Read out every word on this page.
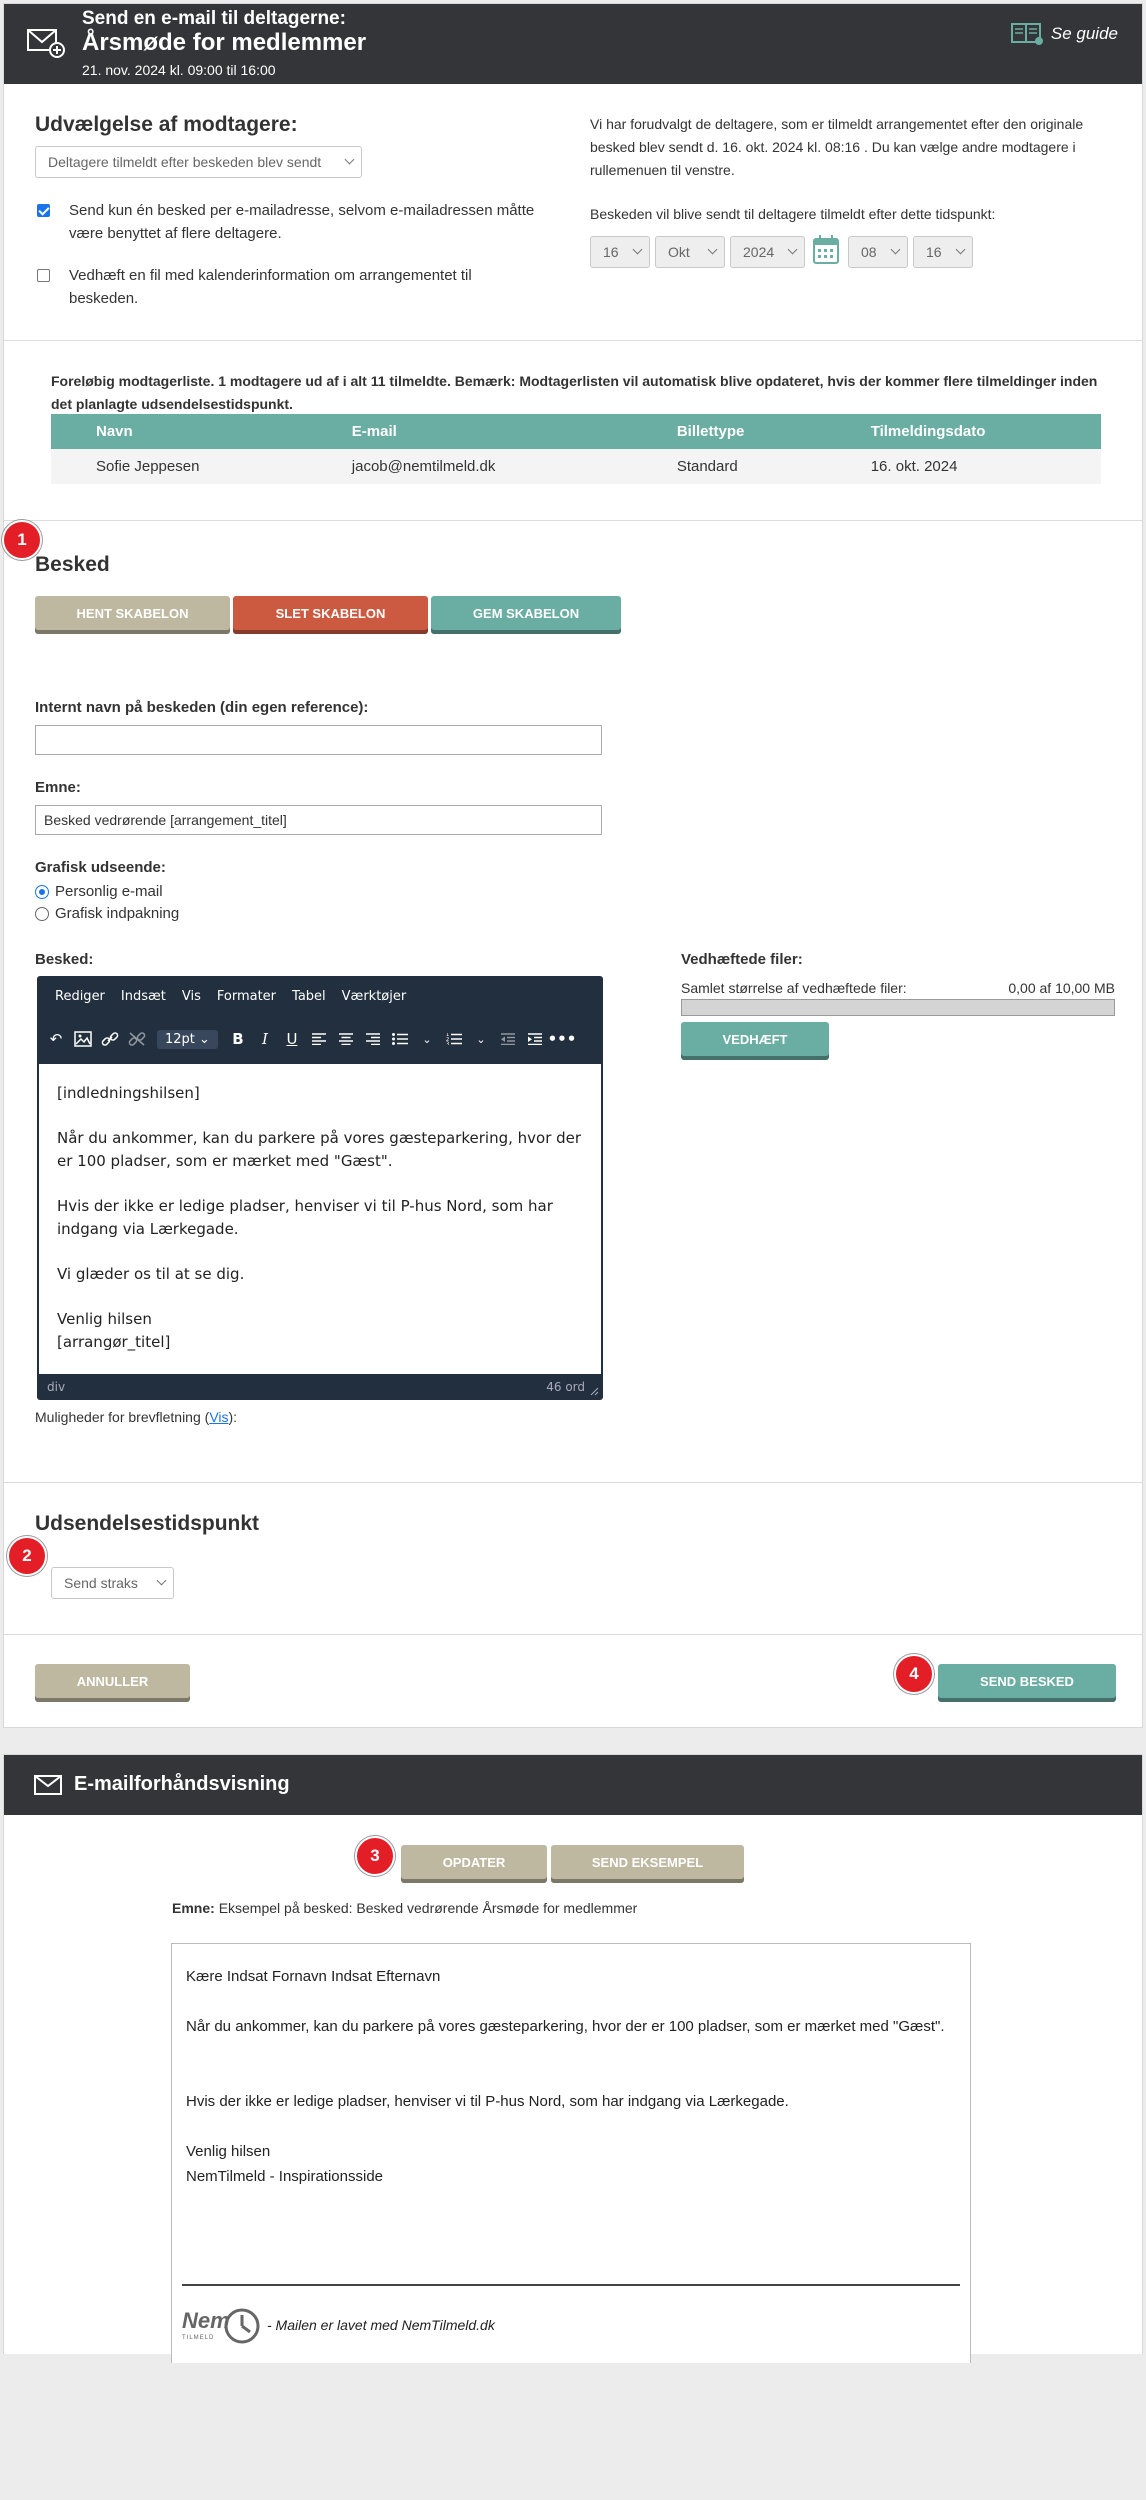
Send en e-mail til deltagerne:
Årsmøde for medlemmer
21. nov. 2024 kl. 09:00 til 16:00
Se guide
Udvælgelse af modtagere:
Deltagere tilmeldt efter beskeden blev sendt
Send kun én besked per e-mailadresse, selvom e-mailadressen måtte være benyttet af flere deltagere.
Vedhæft en fil med kalenderinformation om arrangementet til beskeden.
Vi har forudvalgt de deltagere, som er tilmeldt arrangementet efter den originale besked blev sendt d. 16. okt. 2024 kl. 08:16 . Du kan vælge andre modtagere i rullemenuen til venstre.
Beskeden vil blive sendt til deltagere tilmeldt efter dette tidspunkt:
16	Okt	2024	08	16
Foreløbig modtagerliste. 1 modtagere ud af i alt 11 tilmeldte. Bemærk: Modtagerlisten vil automatisk blive opdateret, hvis der kommer flere tilmeldinger inden det planlagte udsendelsestidspunkt.
Navn	E-mail	Billettype	Tilmeldingsdato
Sofie Jeppesen	jacob@nemtilmeld.dk	Standard	16. okt. 2024
1
Besked
HENT SKABELON	SLET SKABELON	GEM SKABELON
Internt navn på beskeden (din egen reference):
Emne:
Besked vedrørende [arrangement_titel]
Grafisk udseende:
Personlig e-mail
Grafisk indpakning
Besked:
Rediger Indsæt Vis Formater Tabel Værktøjer
↶	12pt ⌄	B	I	U	⌄	1
2
3	⌄	•••

[indledningshilsen]

Når du ankommer, kan du parkere på vores gæsteparkering, hvor der er 100 pladser, som er mærket med "Gæst".

Hvis der ikke er ledige pladser, henviser vi til P-hus Nord, som har indgang via Lærkegade.

Vi glæder os til at se dig.

Venlig hilsen
[arrangør_titel]
div	46 ord
Muligheder for brevfletning (Vis):
Vedhæftede filer:
Samlet størrelse af vedhæftede filer:	0,00 af 10,00 MB
VEDHÆFT
Udsendelsestidspunkt
2
Send straks
ANNULLER	4	SEND BESKED
E-mailforhåndsvisning
3	OPDATER	SEND EKSEMPEL
Emne: Eksempel på besked: Besked vedrørende Årsmøde for medlemmer

Kære Indsat Fornavn Indsat Efternavn

Når du ankommer, kan du parkere på vores gæsteparkering, hvor der er 100 pladser, som er mærket med "Gæst".

Hvis der ikke er ledige pladser, henviser vi til P-hus Nord, som har indgang via Lærkegade.

Venlig hilsen

NemTilmeld - Inspirationsside

Nem
TILMELD
- Mailen er lavet med NemTilmeld.dk
